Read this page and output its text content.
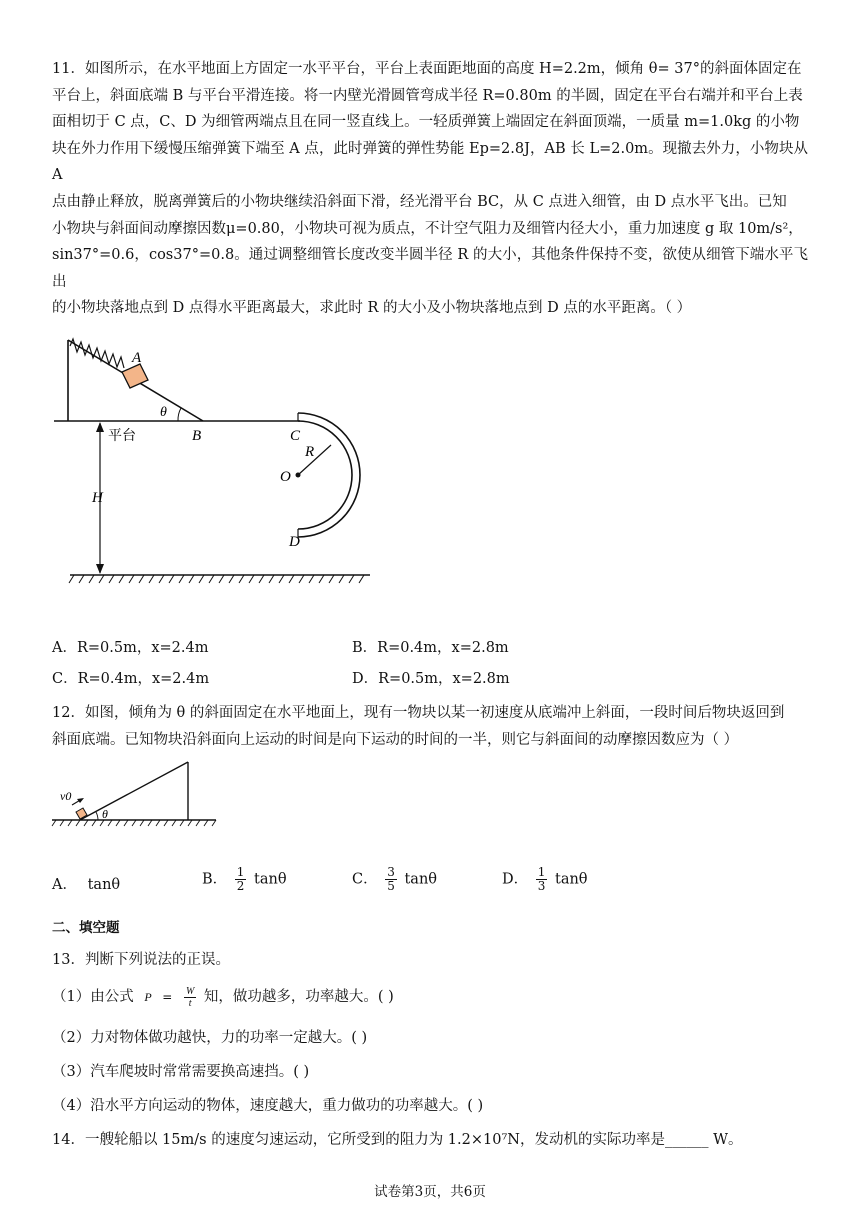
11．如图所示，在水平地面上方固定一水平平台，平台上表面距地面的高度 H=2.2m，倾角 θ= 37°的斜面体固定在
平台上，斜面底端 B 与平台平滑连接。将一内壁光滑圆管弯成半径 R=0.80m 的半圆，固定在平台右端并和平台上表
面相切于 C 点，C、D 为细管两端点且在同一竖直线上。一轻质弹簧上端固定在斜面顶端，一质量 m=1.0kg 的小物
块在外力作用下缓慢压缩弹簧下端至 A 点，此时弹簧的弹性势能 Ep=2.8J，AB 长 L=2.0m。现撤去外力，小物块从 A
点由静止释放，脱离弹簧后的小物块继续沿斜面下滑，经光滑平台 BC，从 C 点进入细管，由 D 点水平飞出。已知
小物块与斜面间动摩擦因数μ=0.80，小物块可视为质点，不计空气阻力及细管内径大小，重力加速度 g 取 10m/s²，
sin37°=0.6，cos37°=0.8。通过调整细管长度改变半圆半径 R 的大小，其他条件保持不变，欲使从细管下端水平飞出
的小物块落地点到 D 点得水平距离最大，求此时 R 的大小及小物块落地点到 D 点的水平距离。（ ）
A
θ
B
平台
H
C
R
O
D
A．R=0.5m，x=2.4m	B．R=0.4m，x=2.8m
C．R=0.4m，x=2.4m	D．R=0.5m，x=2.8m
12．如图，倾角为 θ 的斜面固定在水平地面上，现有一物块以某一初速度从底端冲上斜面，一段时间后物块返回到
斜面底端。已知物块沿斜面向上运动的时间是向下运动的时间的一半，则它与斜面间的动摩擦因数应为（ ）
v0
θ
A． tanθ	B． $\frac{1}{2}$ tanθ	C． $\frac{3}{5}$ tanθ	D． $\frac{1}{3}$ tanθ
二、填空题
13．判断下列说法的正误。
（1）由公式 $P = \frac{W}{t}$ 知，做功越多，功率越大。( )
（2）力对物体做功越快，力的功率一定越大。( )
（3）汽车爬坡时常常需要换高速挡。( )
（4）沿水平方向运动的物体，速度越大，重力做功的功率越大。( )
14．一艘轮船以 15m/s 的速度匀速运动，它所受到的阻力为 1.2×10⁷N，发动机的实际功率是______ W。
试卷第3页，共6页
